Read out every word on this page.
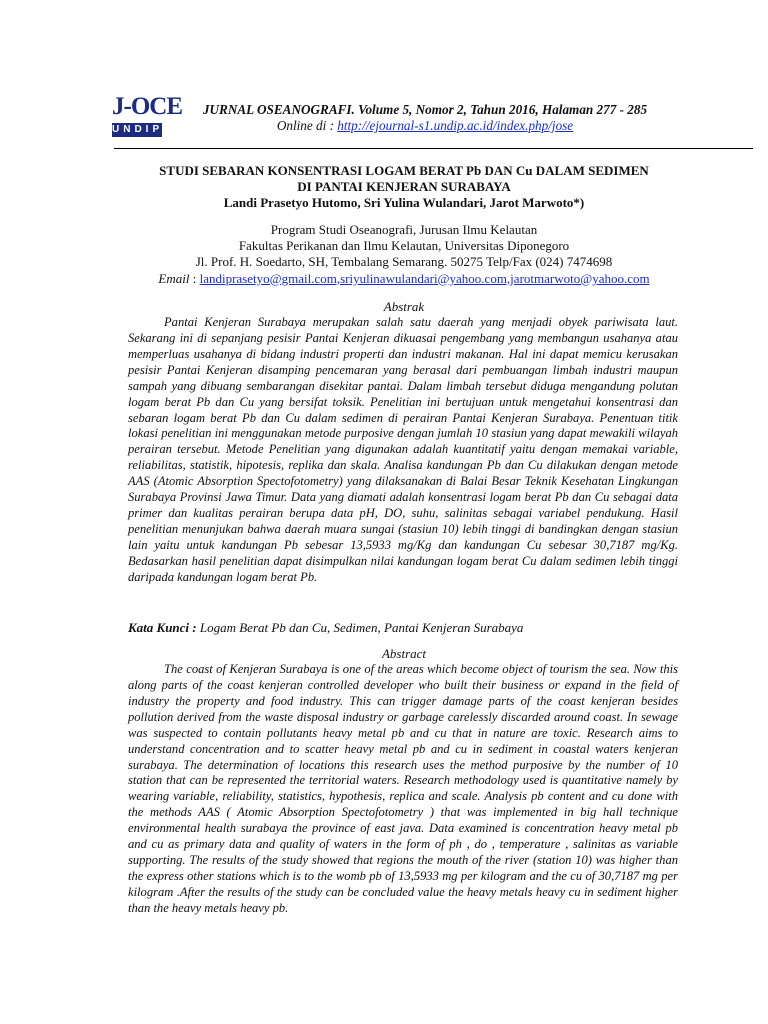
J-OCE
UNDIP
JURNAL OSEANOGRAFI. Volume 5, Nomor 2, Tahun 2016, Halaman 277 - 285
Online di : http://ejournal-s1.undip.ac.id/index.php/jose
STUDI SEBARAN KONSENTRASI LOGAM BERAT Pb DAN Cu DALAM SEDIMEN
DI PANTAI KENJERAN SURABAYA
Landi Prasetyo Hutomo, Sri Yulina Wulandari, Jarot Marwoto*)
Program Studi Oseanografi, Jurusan Ilmu Kelautan
Fakultas Perikanan dan Ilmu Kelautan, Universitas Diponegoro
Jl. Prof. H. Soedarto, SH, Tembalang Semarang. 50275 Telp/Fax (024) 7474698
Email : landiprasetyo@gmail.com,sriyulinawulandari@yahoo.com,jarotmarwoto@yahoo.com
Abstrak
Pantai Kenjeran Surabaya merupakan salah satu daerah yang menjadi obyek pariwisata laut. Sekarang ini di sepanjang pesisir Pantai Kenjeran dikuasai pengembang yang membangun usahanya atau memperluas usahanya di bidang industri properti dan industri makanan. Hal ini dapat memicu kerusakan pesisir Pantai Kenjeran disamping pencemaran yang berasal dari pembuangan limbah industri maupun sampah yang dibuang sembarangan disekitar pantai. Dalam limbah tersebut diduga mengandung polutan logam berat Pb dan Cu yang bersifat toksik. Penelitian ini bertujuan untuk mengetahui konsentrasi dan sebaran logam berat Pb dan Cu dalam sedimen di perairan Pantai Kenjeran Surabaya. Penentuan titik lokasi penelitian ini menggunakan metode purposive dengan jumlah 10 stasiun yang dapat mewakili wilayah perairan tersebut. Metode Penelitian yang digunakan adalah kuantitatif yaitu dengan memakai variable, reliabilitas, statistik, hipotesis, replika dan skala. Analisa kandungan Pb dan Cu dilakukan dengan metode AAS (Atomic Absorption Spectofotometry) yang dilaksanakan di Balai Besar Teknik Kesehatan Lingkungan Surabaya Provinsi Jawa Timur. Data yang diamati adalah konsentrasi logam berat Pb dan Cu sebagai data primer dan kualitas perairan berupa data pH, DO, suhu, salinitas sebagai variabel pendukung. Hasil penelitian menunjukan bahwa daerah muara sungai (stasiun 10) lebih tinggi di bandingkan dengan stasiun lain yaitu untuk kandungan Pb sebesar 13,5933 mg/Kg dan kandungan Cu sebesar 30,7187 mg/Kg. Bedasarkan hasil penelitian dapat disimpulkan nilai kandungan logam berat Cu dalam sedimen lebih tinggi daripada kandungan logam berat Pb.
Kata Kunci : Logam Berat Pb dan Cu, Sedimen, Pantai Kenjeran Surabaya
Abstract
The coast of Kenjeran Surabaya is one of the areas which become object of tourism the sea. Now this along parts of the coast kenjeran controlled developer who built their business or expand in the field of industry the property and food industry. This can trigger damage parts of the coast kenjeran besides pollution derived from the waste disposal industry or garbage carelessly discarded around coast. In sewage was suspected to contain pollutants heavy metal pb and cu that in nature are toxic. Research aims to understand concentration and to scatter heavy metal pb and cu in sediment in coastal waters kenjeran surabaya. The determination of locations this research uses the method purposive by the number of 10 station that can be represented the territorial waters. Research methodology used is quantitative namely by wearing variable, reliability, statistics, hypothesis, replica and scale. Analysis pb content and cu done with the methods AAS ( Atomic Absorption Spectofotometry ) that was implemented in big hall technique environmental health surabaya the province of east java. Data examined is concentration heavy metal pb and cu as primary data and quality of waters in the form of ph , do , temperature , salinitas as variable supporting. The results of the study showed that regions the mouth of the river (station 10) was higher than the express other stations which is to the womb pb of 13,5933 mg per kilogram and the cu of 30,7187 mg per kilogram .After the results of the study can be concluded value the heavy metals heavy cu in sediment higher than the heavy metals heavy pb.
